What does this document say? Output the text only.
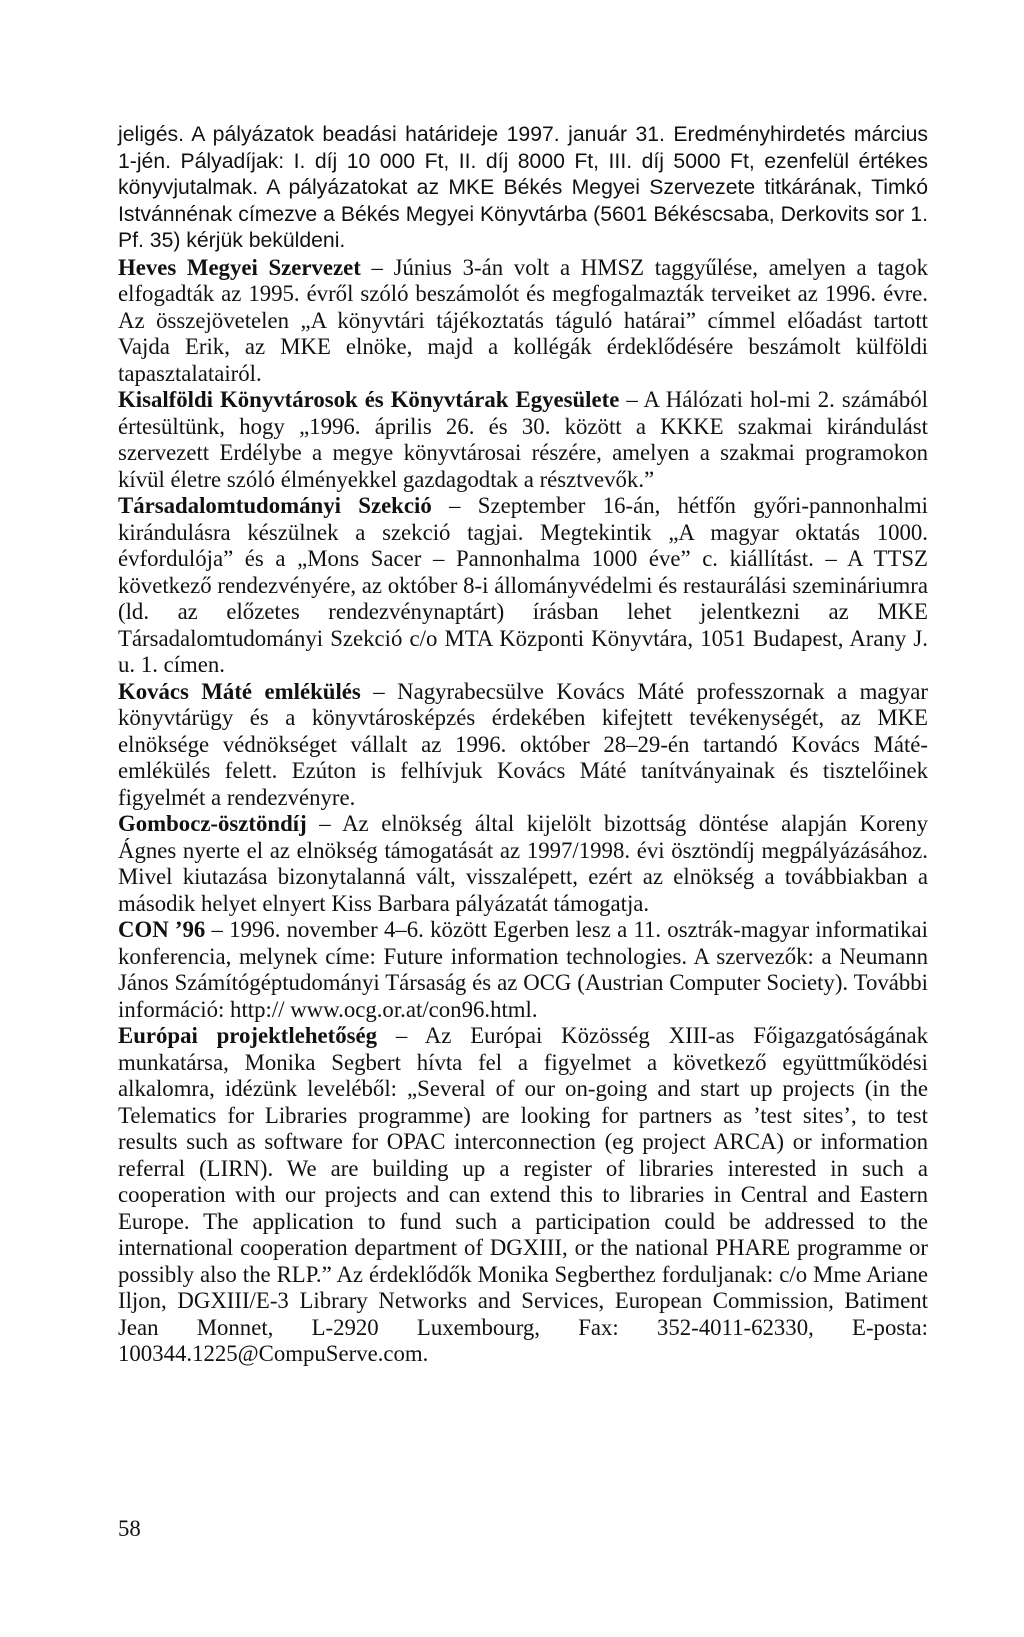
jeligés. A pályázatok beadási határideje 1997. január 31. Eredményhirdetés március 1-jén. Pályadíjak: I. díj 10 000 Ft, II. díj 8000 Ft, III. díj 5000 Ft, ezenfelül értékes könyvjutalmak. A pályázatokat az MKE Békés Megyei Szervezete titkárának, Timkó Istvánnénak címezve a Békés Megyei Könyvtárba (5601 Békéscsaba, Derkovits sor 1. Pf. 35) kérjük beküldeni.

Heves Megyei Szervezet – Június 3-án volt a HMSZ taggyűlése, amelyen a tagok elfogadták az 1995. évről szóló beszámolót és megfogalmazták terveiket az 1996. évre. Az összejövetelen „A könyvtári tájékoztatás táguló határai” címmel előadást tartott Vajda Erik, az MKE elnöke, majd a kollégák érdeklődésére beszámolt külföldi tapasztalatairól.

Kisalföldi Könyvtárosok és Könyvtárak Egyesülete – A Hálózati hol-mi 2. számából értesültünk, hogy „1996. április 26. és 30. között a KKKE szakmai kirándulást szervezett Erdélybe a megye könyvtárosai részére, amelyen a szakmai programokon kívül életre szóló élményekkel gazdagodtak a résztvevők.”

Társadalomtudományi Szekció – Szeptember 16-án, hétfőn győri-pannonhalmi kirándulásra készülnek a szekció tagjai. Megtekintik „A magyar oktatás 1000. évfordulója” és a „Mons Sacer – Pannonhalma 1000 éve” c. kiállítást. – A TTSZ következő rendezvényére, az október 8-i állományvédelmi és restaurálási szemináriumra (ld. az előzetes rendezvénynaptárt) írásban lehet jelentkezni az MKE Társadalomtudományi Szekció c/o MTA Központi Könyvtára, 1051 Budapest, Arany J. u. 1. címen.

Kovács Máté emlékülés – Nagyrabecsülve Kovács Máté professzornak a magyar könyvtárügy és a könyvtárosképzés érdekében kifejtett tevékenységét, az MKE elnöksége védnökséget vállalt az 1996. október 28–29-én tartandó Kovács Máté-emlékülés felett. Ezúton is felhívjuk Kovács Máté tanítványainak és tisztelőinek figyelmét a rendezvényre.

Gombocz-ösztöndíj – Az elnökség által kijelölt bizottság döntése alapján Koreny Ágnes nyerte el az elnökség támogatását az 1997/1998. évi ösztöndíj megpályázásához. Mivel kiutazása bizonytalanná vált, visszalépett, ezért az elnökség a továbbiakban a második helyet elnyert Kiss Barbara pályázatát támogatja.

CON ’96 – 1996. november 4–6. között Egerben lesz a 11. osztrák-magyar informatikai konferencia, melynek címe: Future information technologies. A szervezők: a Neumann János Számítógéptudományi Társaság és az OCG (Austrian Computer Society). További információ: http:// www.ocg.or.at/con96.html.

Európai projektlehetőség – Az Európai Közösség XIII-as Főigazgatóságának munkatársa, Monika Segbert hívta fel a figyelmet a következő együttműködési alkalomra, idézünk leveléből: „Several of our on-going and start up projects (in the Telematics for Libraries programme) are looking for partners as ’test sites’, to test results such as software for OPAC interconnection (eg project ARCA) or information referral (LIRN). We are building up a register of libraries interested in such a cooperation with our projects and can extend this to libraries in Central and Eastern Europe. The application to fund such a participation could be addressed to the international cooperation department of DGXIII, or the national PHARE programme or possibly also the RLP.” Az érdeklődők Monika Segberthez forduljanak: c/o Mme Ariane Iljon, DGXIII/E-3 Library Networks and Services, European Commission, Batiment Jean Monnet, L-2920 Luxembourg, Fax: 352-4011-62330, E-posta: 100344.1225@CompuServe.com.

58
